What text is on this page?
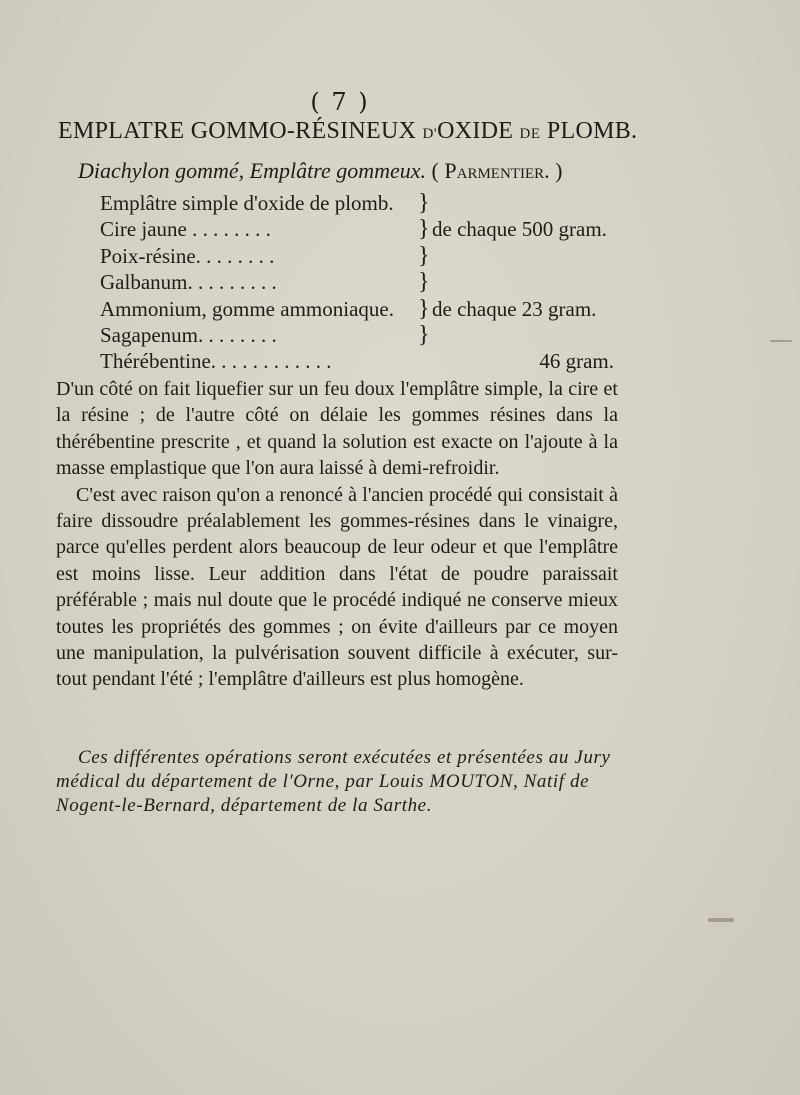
( 7 )
EMPLATRE GOMMO-RÉSINEUX D'OXIDE DE PLOMB.
Diachylon gommé, Emplâtre gommeux. ( Parmentier. )
Emplâtre simple d'oxide de plomb. }
Cire jaune . . . . . . . .	} de chaque 500 gram.
Poix-résine. . . . . . . .	}
Galbanum. . . . . . . . .	}
Ammonium, gomme ammoniaque. } de chaque 23 gram.
Sagapenum. . . . . . . .	}
Thérébentine. . . . . . . . . . . .	46 gram.

D'un côté on fait liquefier sur un feu doux l'emplâtre simple, la cire et la résine ; de l'autre côté on délaie les gommes résines dans la thérébentine prescrite , et quand la solution est exacte on l'ajoute à la masse emplastique que l'on aura laissé à demi-refroidir.

C'est avec raison qu'on a renoncé à l'ancien procédé qui consistait à faire dissoudre préalablement les gommes-résines dans le vinaigre, parce qu'elles perdent alors beaucoup de leur odeur et que l'emplâtre est moins lisse. Leur addition dans l'état de poudre paraissait préférable ; mais nul doute que le procédé indiqué ne conserve mieux toutes les propriétés des gommes ; on évite d'ailleurs par ce moyen une manipulation, la pulvérisation souvent difficile à exécuter, sur-tout pendant l'été ; l'emplâtre d'ailleurs est plus homogène.

Ces différentes opérations seront exécutées et présentées au Jury médical du département de l'Orne, par Louis MOUTON, Natif de Nogent-le-Bernard, département de la Sarthe.
